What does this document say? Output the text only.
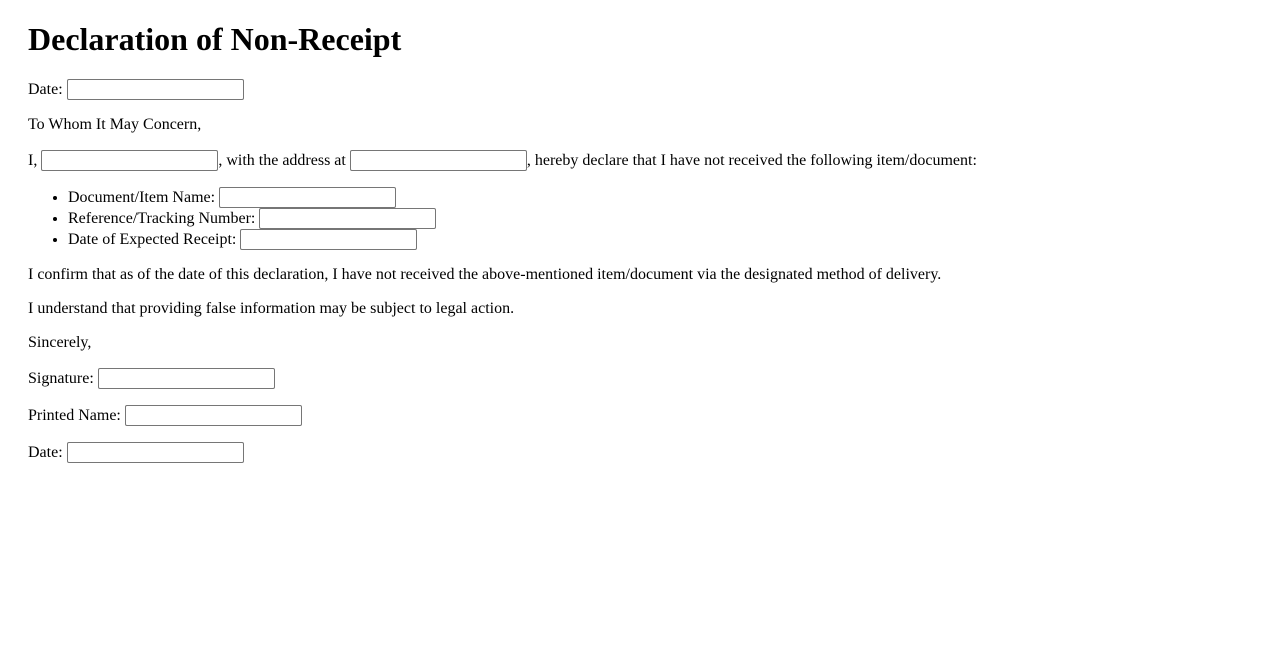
Declaration of Non-Receipt

Date:

To Whom It May Concern,

I,	, with the address at	, hereby declare that I have not received the following item/document:

• Document/Item Name:
• Reference/Tracking Number:
• Date of Expected Receipt:

I confirm that as of the date of this declaration, I have not received the above-mentioned item/document via the designated method of delivery.

I understand that providing false information may be subject to legal action.

Sincerely,

Signature:

Printed Name:

Date:
